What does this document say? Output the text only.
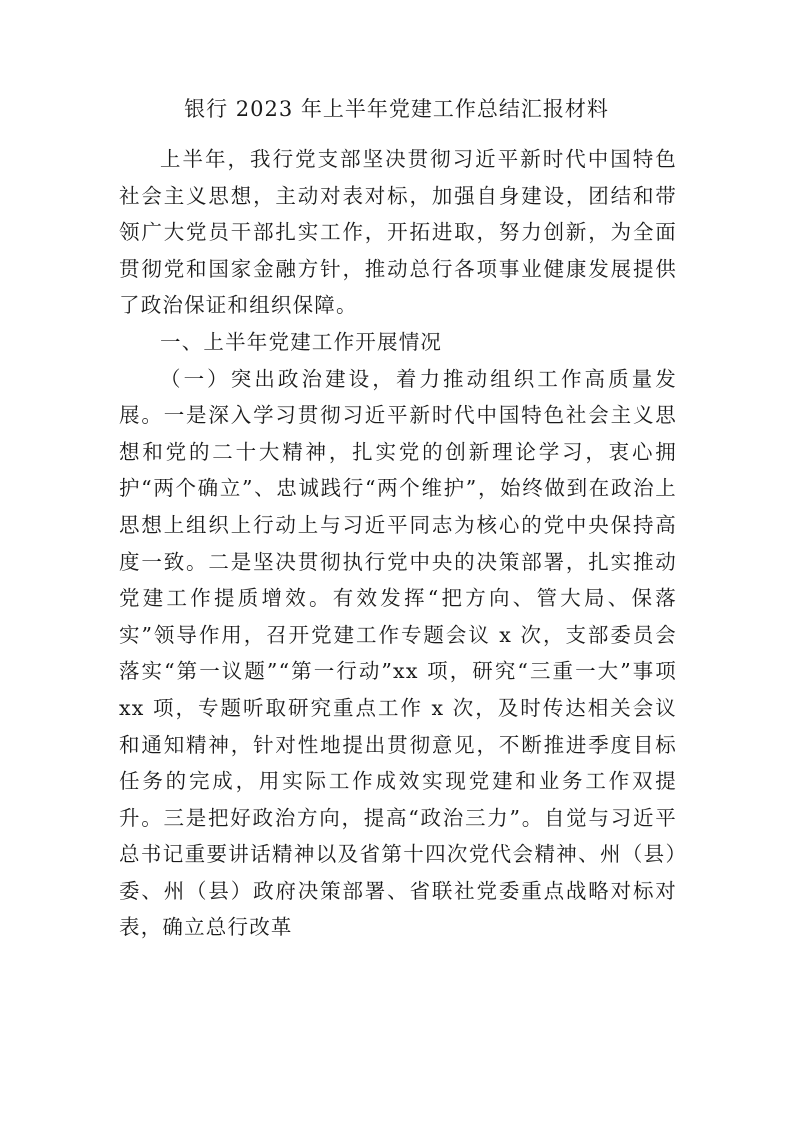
银行 2023 年上半年党建工作总结汇报材料

上半年，我行党支部坚决贯彻习近平新时代中国特色社会主义思想，主动对表对标，加强自身建设，团结和带领广大党员干部扎实工作，开拓进取，努力创新，为全面贯彻党和国家金融方针，推动总行各项事业健康发展提供了政治保证和组织保障。

一、上半年党建工作开展情况

（一）突出政治建设，着力推动组织工作高质量发展。一是深入学习贯彻习近平新时代中国特色社会主义思想和党的二十大精神，扎实党的创新理论学习，衷心拥护“两个确立”、忠诚践行“两个维护”，始终做到在政治上思想上组织上行动上与习近平同志为核心的党中央保持高度一致。二是坚决贯彻执行党中央的决策部署，扎实推动党建工作提质增效。有效发挥“把方向、管大局、保落实”领导作用，召开党建工作专题会议 x 次，支部委员会落实“第一议题”“第一行动”xx 项，研究“三重一大”事项 xx 项，专题听取研究重点工作 x 次，及时传达相关会议和通知精神，针对性地提出贯彻意见，不断推进季度目标任务的完成，用实际工作成效实现党建和业务工作双提升。三是把好政治方向，提高“政治三力”。自觉与习近平总书记重要讲话精神以及省第十四次党代会精神、州（县）委、州（县）政府决策部署、省联社党委重点战略对标对表，确立总行改革
